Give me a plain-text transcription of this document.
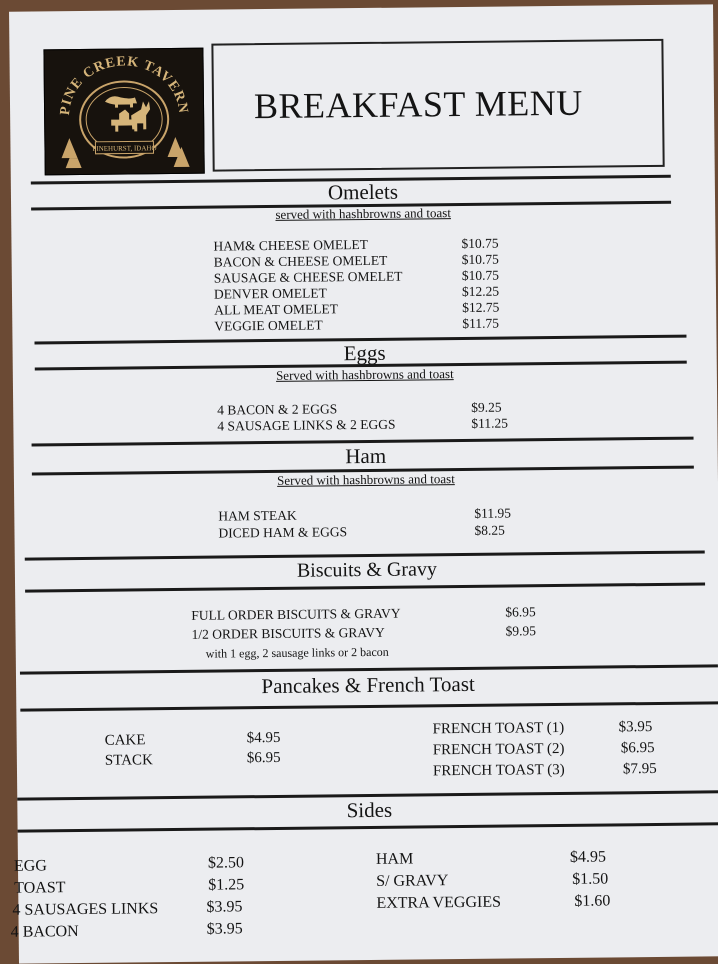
PINE CREEK TAVERN
PINEHURST, IDAHO
BREAKFAST MENU
Omelets
served with hashbrowns and toast
HAM& CHEESE OMELET	$10.75
BACON & CHEESE OMELET	$10.75
SAUSAGE & CHEESE OMELET	$10.75
DENVER OMELET	$12.25
ALL MEAT OMELET	$12.75
VEGGIE OMELET	$11.75
Eggs
Served with hashbrowns and toast
4 BACON & 2 EGGS	$9.25
4 SAUSAGE LINKS & 2 EGGS	$11.25
Ham
Served with hashbrowns and toast
HAM STEAK	$11.95
DICED HAM & EGGS	$8.25
Biscuits & Gravy
FULL ORDER BISCUITS & GRAVY	$6.95
1/2 ORDER BISCUITS & GRAVY	$9.95
with 1 egg, 2 sausage links or 2 bacon
Pancakes & French Toast
CAKE	$4.95
STACK	$6.95
FRENCH TOAST (1)	$3.95
FRENCH TOAST (2)	$6.95
FRENCH TOAST (3)	$7.95
Sides
EGG	$2.50
TOAST	$1.25
4 SAUSAGES LINKS	$3.95
4 BACON	$3.95
HAM	$4.95
S/ GRAVY	$1.50
EXTRA VEGGIES	$1.60
